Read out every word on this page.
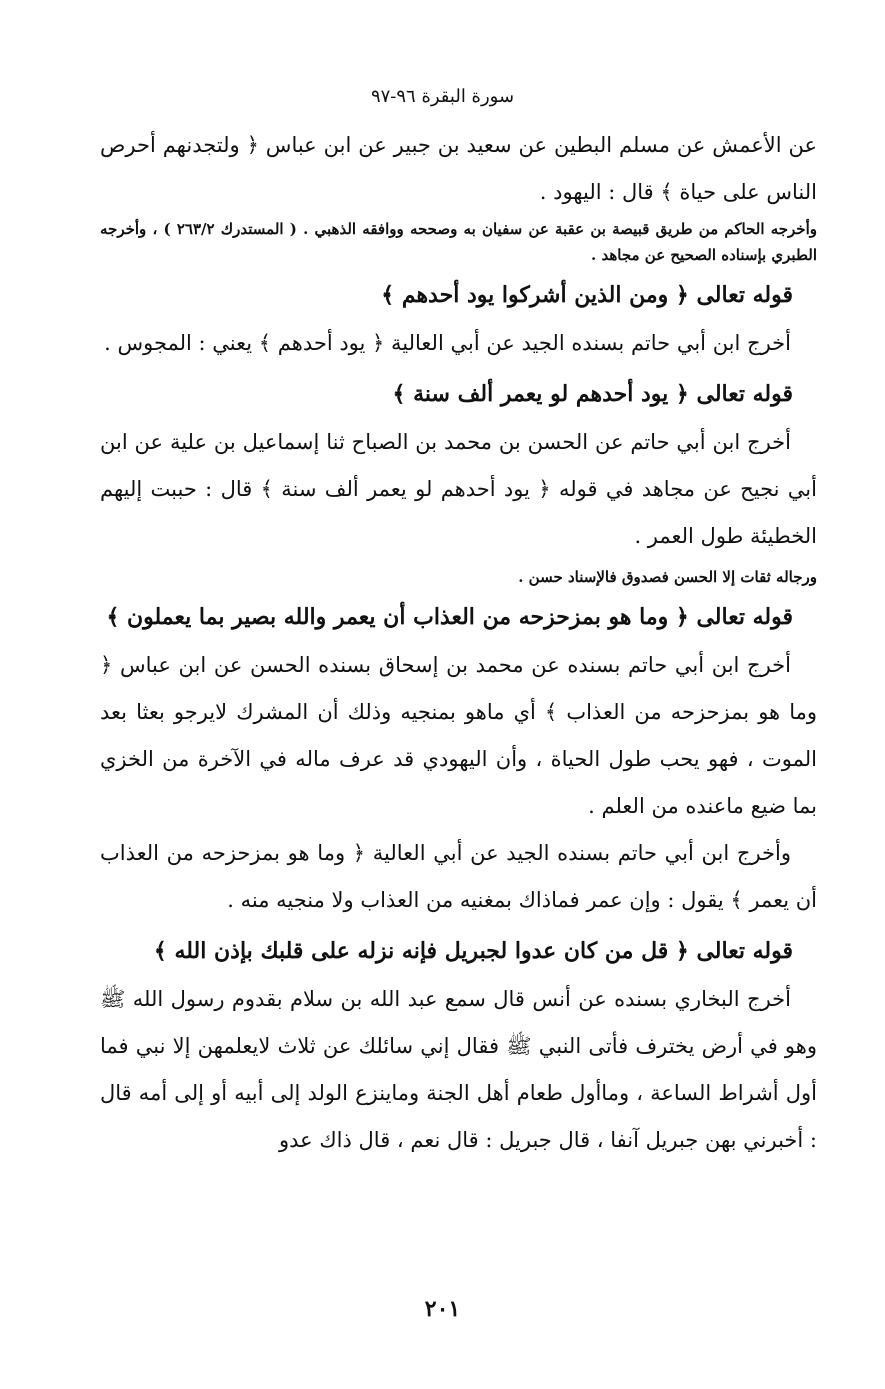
سورة البقرة ٩٦-٩٧

عن الأعمش عن مسلم البطين عن سعيد بن جبير عن ابن عباس ﴿ ولتجدنهم أحرص الناس على حياة ﴾ قال : اليهود .

وأخرجه الحاكم من طريق قبيصة بن عقبة عن سفيان به وصححه ووافقه الذهبي . ( المستدرك ٢٦٣/٢ ) ، وأخرجه الطبري بإسناده الصحيح عن مجاهد .

قوله تعالى ﴿ ومن الذين أشركوا يود أحدهم ﴾

أخرج ابن أبي حاتم بسنده الجيد عن أبي العالية ﴿ يود أحدهم ﴾ يعني : المجوس .

قوله تعالى ﴿ يود أحدهم لو يعمر ألف سنة ﴾

أخرج ابن أبي حاتم عن الحسن بن محمد بن الصباح ثنا إسماعيل بن علية عن ابن أبي نجيح عن مجاهد في قوله ﴿ يود أحدهم لو يعمر ألف سنة ﴾ قال : حببت إليهم الخطيئة طول العمر .

ورجاله ثقات إلا الحسن فصدوق فالإسناد حسن .

قوله تعالى ﴿ وما هو بمزحزحه من العذاب أن يعمر والله بصير بما يعملون ﴾

أخرج ابن أبي حاتم بسنده عن محمد بن إسحاق بسنده الحسن عن ابن عباس ﴿ وما هو بمزحزحه من العذاب ﴾ أي ماهو بمنجيه وذلك أن المشرك لايرجو بعثا بعد الموت ، فهو يحب طول الحياة ، وأن اليهودي قد عرف ماله في الآخرة من الخزي بما ضيع ماعنده من العلم .

وأخرج ابن أبي حاتم بسنده الجيد عن أبي العالية ﴿ وما هو بمزحزحه من العذاب أن يعمر ﴾ يقول : وإن عمر فماذاك بمغنيه من العذاب ولا منجيه منه .

قوله تعالى ﴿ قل من كان عدوا لجبريل فإنه نزله على قلبك بإذن الله ﴾

أخرج البخاري بسنده عن أنس قال سمع عبد الله بن سلام بقدوم رسول الله ﷺ وهو في أرض يخترف فأتى النبي ﷺ فقال إني سائلك عن ثلاث لايعلمهن إلا نبي فما أول أشراط الساعة ، وماأول طعام أهل الجنة وماينزع الولد إلى أبيه أو إلى أمه قال : أخبرني بهن جبريل آنفا ، قال جبريل : قال نعم ، قال ذاك عدو

٢٠١
